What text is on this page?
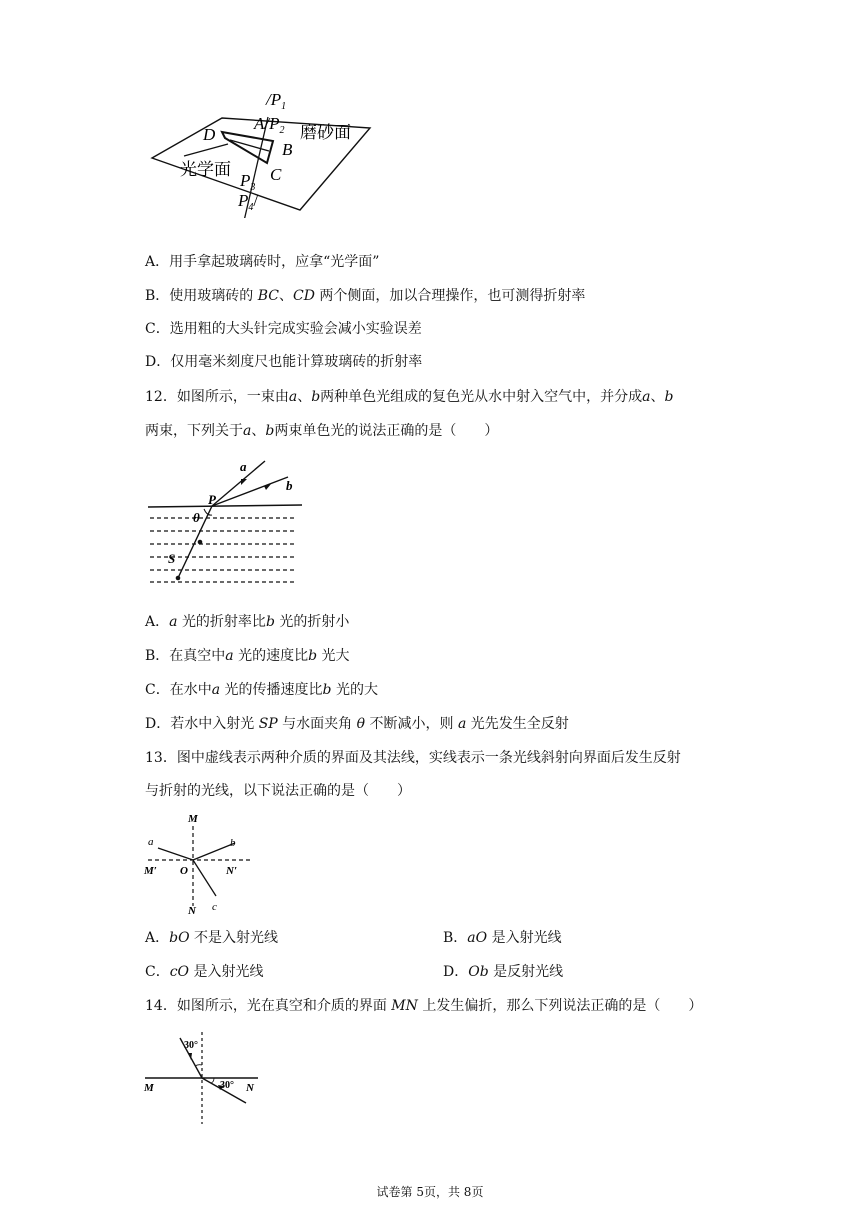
$/P_1$
$A/P_2$
D
B
C
$P_3$
$P_4/$
磨砂面
光学面
A．用手拿起玻璃砖时，应拿“光学面”
B．使用玻璃砖的 BC、CD 两个侧面，加以合理操作，也可测得折射率
C．选用粗的大头针完成实验会减小实验误差
D．仅用毫米刻度尺也能计算玻璃砖的折射率
12．如图所示，一束由a、b两种单色光组成的复色光从水中射入空气中，并分成a、b
两束，下列关于a、b两束单色光的说法正确的是（　　）
a
b
P
θ
S
A．a 光的折射率比b 光的折射小
B．在真空中a 光的速度比b 光大
C．在水中a 光的传播速度比b 光的大
D．若水中入射光 SP 与水面夹角 θ 不断减小，则 a 光先发生全反射
13．图中虚线表示两种介质的界面及其法线，实线表示一条光线斜射向界面后发生反射
与折射的光线，以下说法正确的是（　　）
M
a	b
M′ O	N′
c
N
A．bO 不是入射光线	B．aO 是入射光线
C．cO 是入射光线	D．Ob 是反射光线
14．如图所示，光在真空和介质的界面 MN 上发生偏折，那么下列说法正确的是（　　）
30°
30°
M	N
试卷第 5页，共 8页
